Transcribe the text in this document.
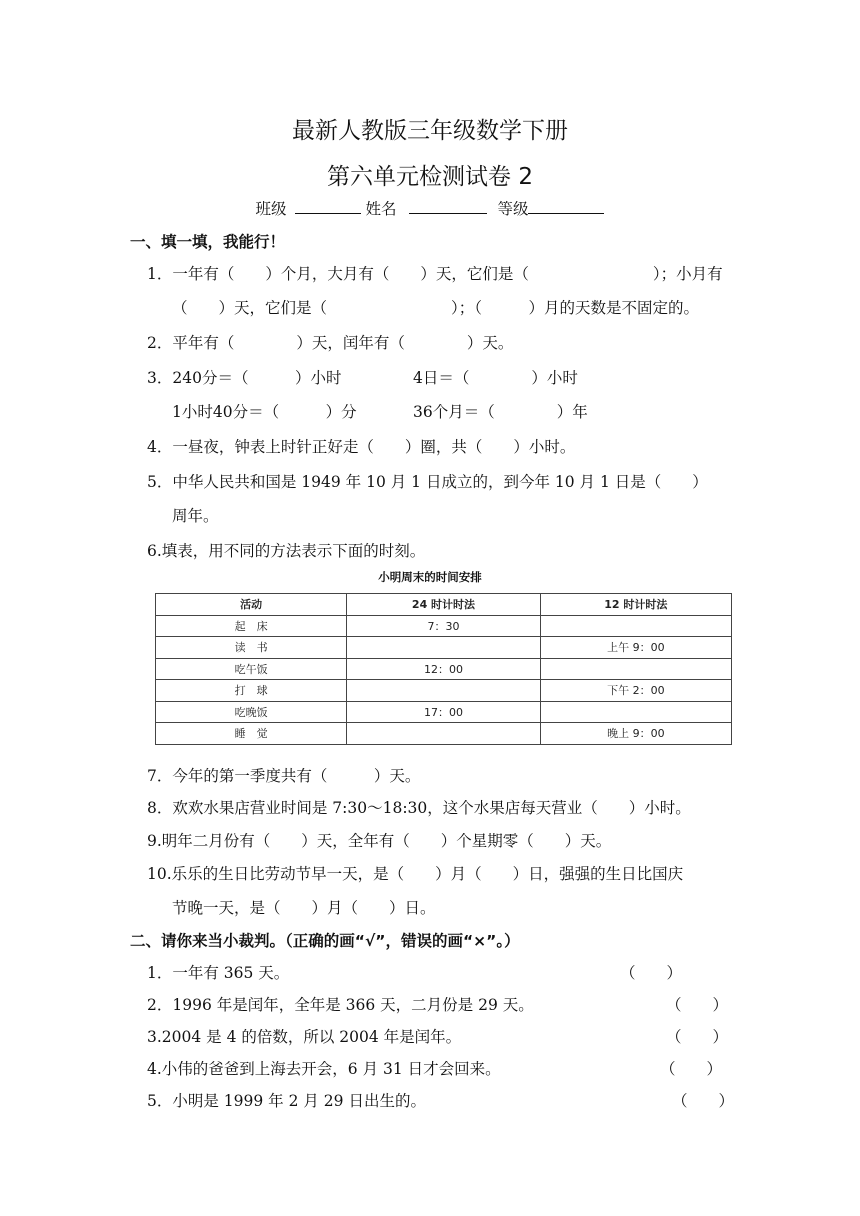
最新人教版三年级数学下册
第六单元检测试卷 2
班级	姓名	等级
一、填一填，我能行！
1．一年有（　　）个月，大月有（　　）天，它们是（　　　　　　　　）；小月有
（　　）天，它们是（　　　　　　　　）；（　　　）月的天数是不固定的。
2．平年有（　　　　）天，闰年有（　　　　）天。
3．240分＝（　　　）小时	4日＝（　　　　）小时
1小时40分＝（　　　）分	36个月＝（　　　　）年
4．一昼夜，钟表上时针正好走（　　）圈，共（　　）小时。
5．中华人民共和国是 1949 年 10 月 1 日成立的，到今年 10 月 1 日是（　　）
周年。
6.填表，用不同的方法表示下面的时刻。
小明周末的时间安排
活动	24 时计时法	12 时计时法
起　床	7：30	
读　书		上午 9：00
吃午饭	12：00	
打　球		下午 2：00
吃晚饭	17：00	
睡　觉		晚上 9：00
7．今年的第一季度共有（　　　）天。
8．欢欢水果店营业时间是 7:30～18:30，这个水果店每天营业（　　）小时。
9.明年二月份有（　　）天，全年有（　　）个星期零（　　）天。
10.乐乐的生日比劳动节早一天，是（　　）月（　　）日，强强的生日比国庆
节晚一天，是（　　）月（　　）日。
二、请你来当小裁判。（正确的画“√”，错误的画“×”。）
1．一年有 365 天。	（　　）
2．1996 年是闰年，全年是 366 天，二月份是 29 天。	（　　）
3.2004 是 4 的倍数，所以 2004 年是闰年。	（　　）
4.小伟的爸爸到上海去开会，6 月 31 日才会回来。	（　　）
5．小明是 1999 年 2 月 29 日出生的。	（　　）
